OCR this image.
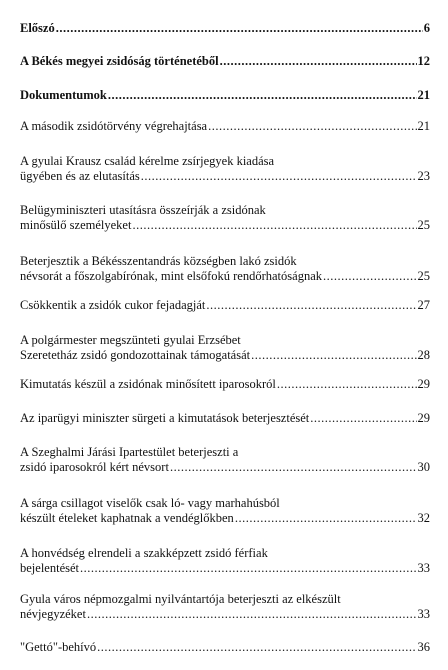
Előszó .....	6
A Békés megyei zsidóság történetéből .....	12
Dokumentumok .....	21
A második zsidótörvény végrehajtása .....	21
A gyulai Krausz család kérelme zsírjegyek kiadása
ügyében és az elutasítás .....	23
Belügyminiszteri utasításra összeírják a zsidónak
minősülő személyeket .....	25
Beterjesztik a Békésszentandrás községben lakó zsidók
névsorát a főszolgabírónak, mint elsőfokú rendőrhatóságnak .....	25
Csökkentik a zsidók cukor fejadagját .....	27
A polgármester megszünteti gyulai Erzsébet
Szeretetház zsidó gondozottainak támogatását .....	28
Kimutatás készül a zsidónak minősített iparosokról .....	29
Az iparügyi miniszter sürgeti a kimutatások beterjesztését .....	29
A Szeghalmi Járási Ipartestület beterjeszti a
zsidó iparosokról kért névsort .....	30
A sárga csillagot viselők csak ló- vagy marhahúsból
készült ételeket kaphatnak a vendéglőkben .....	32
A honvédség elrendeli a szakképzett zsidó férfiak
bejelentését .....	33
Gyula város népmozgalmi nyilvántartója beterjeszti az elkészült
névjegyzéket .....	33
"Gettó"-behívó .....	36
